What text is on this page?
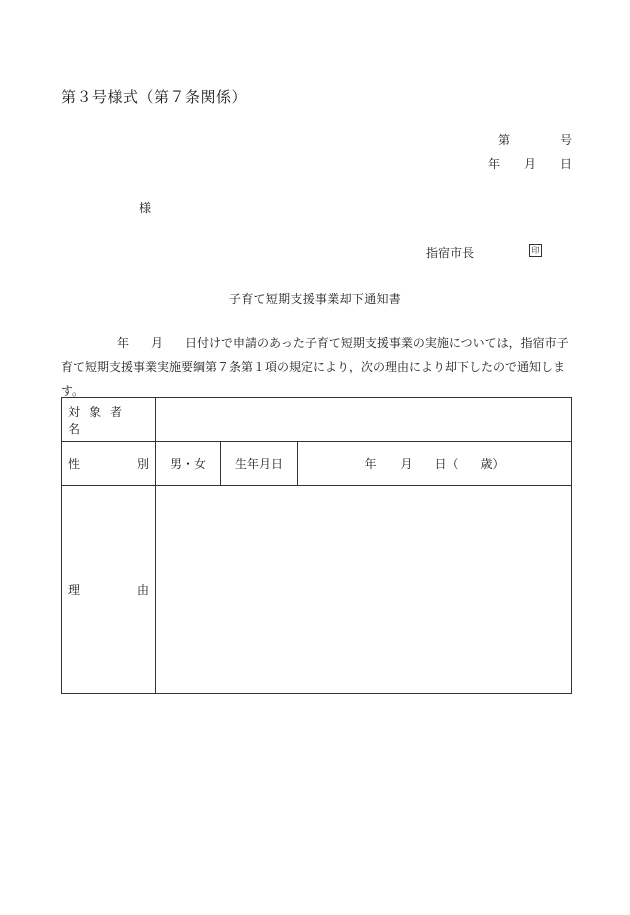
第３号様式（第７条関係）
第	号
年 月 日
様
指宿市長	印
子育て短期支援事業却下通知書
年 月 日付けで申請のあった子育て短期支援事業の実施については，指宿市子育て短期支援事業実施要綱第７条第１項の規定により，次の理由により却下したので通知します。
対象者名			

性 別	男・女	生年月日	年 月 日（ 歳）

理 由			
